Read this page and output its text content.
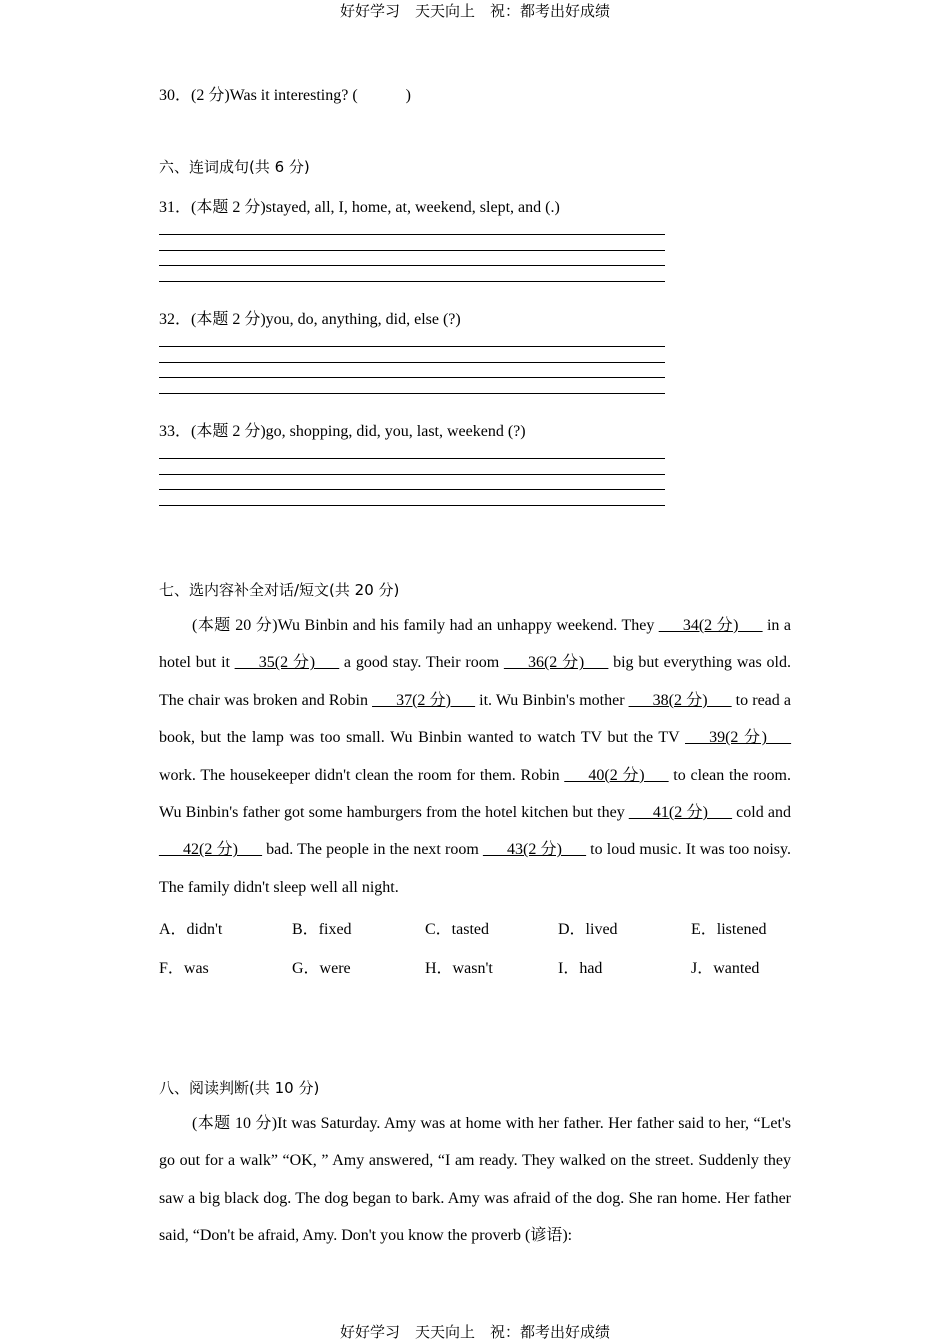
好好学习　天天向上　祝：都考出好成绩
30．(2 分)Was it interesting? (　　　)
六、连词成句(共 6 分)
31．(本题 2 分)stayed, all, I, home, at, weekend, slept, and (.)
32．(本题 2 分)you, do, anything, did, else (?)
33．(本题 2 分)go, shopping, did, you, last, weekend (?)
七、选内容补全对话/短文(共 20 分)
(本题 20 分)Wu Binbin and his family had an unhappy weekend. They ___34(2 分)___ in a hotel but it ___35(2 分)___ a good stay. Their room ___36(2 分)___ big but everything was old. The chair was broken and Robin ___37(2 分)___ it. Wu Binbin's mother ___38(2 分)___ to read a book, but the lamp was too small. Wu Binbin wanted to watch TV but the TV ___39(2 分)___ work. The housekeeper didn't clean the room for them. Robin ___40(2 分)___ to clean the room. Wu Binbin's father got some hamburgers from the hotel kitchen but they ___41(2 分)___ cold and ___42(2 分)___ bad. The people in the next room ___43(2 分)___ to loud music. It was too noisy. The family didn't sleep well all night.
A．didn't	B．fixed	C．tasted	D．lived	E．listened
F．was	G．were	H．wasn't	I．had	J．wanted
八、阅读判断(共 10 分)
(本题 10 分)It was Saturday. Amy was at home with her father. Her father said to her, “Let's go out for a walk” “OK, ” Amy answered, “I am ready. They walked on the street. Suddenly they saw a big black dog. The dog began to bark. Amy was afraid of the dog. She ran home. Her father said, “Don't be afraid, Amy. Don't you know the proverb (谚语):
好好学习　天天向上　祝：都考出好成绩
